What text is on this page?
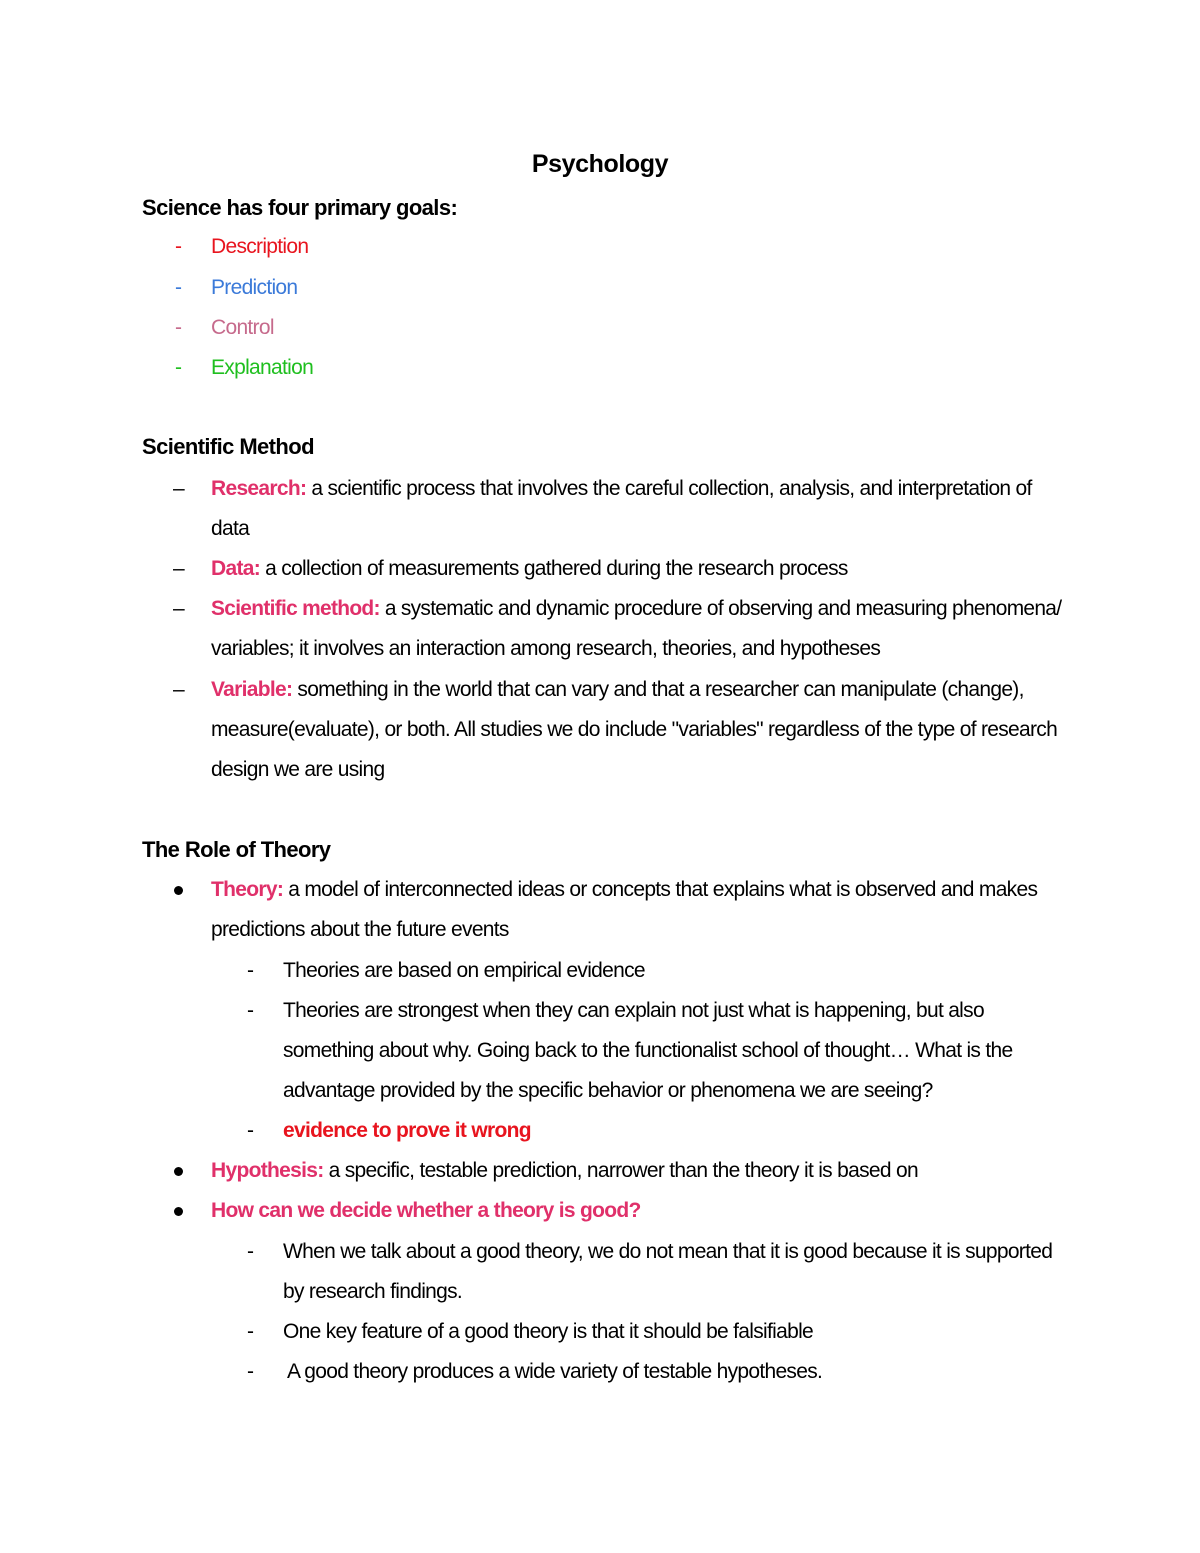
Psychology
Science has four primary goals:
- Description
- Prediction
- Control
- Explanation
Scientific Method
– Research: a scientific process that involves the careful collection, analysis, and interpretation of
data
– Data: a collection of measurements gathered during the research process
– Scientific method: a systematic and dynamic procedure of observing and measuring phenomena/
variables; it involves an interaction among research, theories, and hypotheses
– Variable: something in the world that can vary and that a researcher can manipulate (change),
measure(evaluate), or both. All studies we do include "variables" regardless of the type of research
design we are using
The Role of Theory
Theory: a model of interconnected ideas or concepts that explains what is observed and makes
predictions about the future events
- Theories are based on empirical evidence
- Theories are strongest when they can explain not just what is happening, but also
something about why. Going back to the functionalist school of thought… What is the
advantage provided by the specific behavior or phenomena we are seeing?
- evidence to prove it wrong
Hypothesis: a specific, testable prediction, narrower than the theory it is based on
How can we decide whether a theory is good?
- When we talk about a good theory, we do not mean that it is good because it is supported
by research findings.
- One key feature of a good theory is that it should be falsifiable
- A good theory produces a wide variety of testable hypotheses.
